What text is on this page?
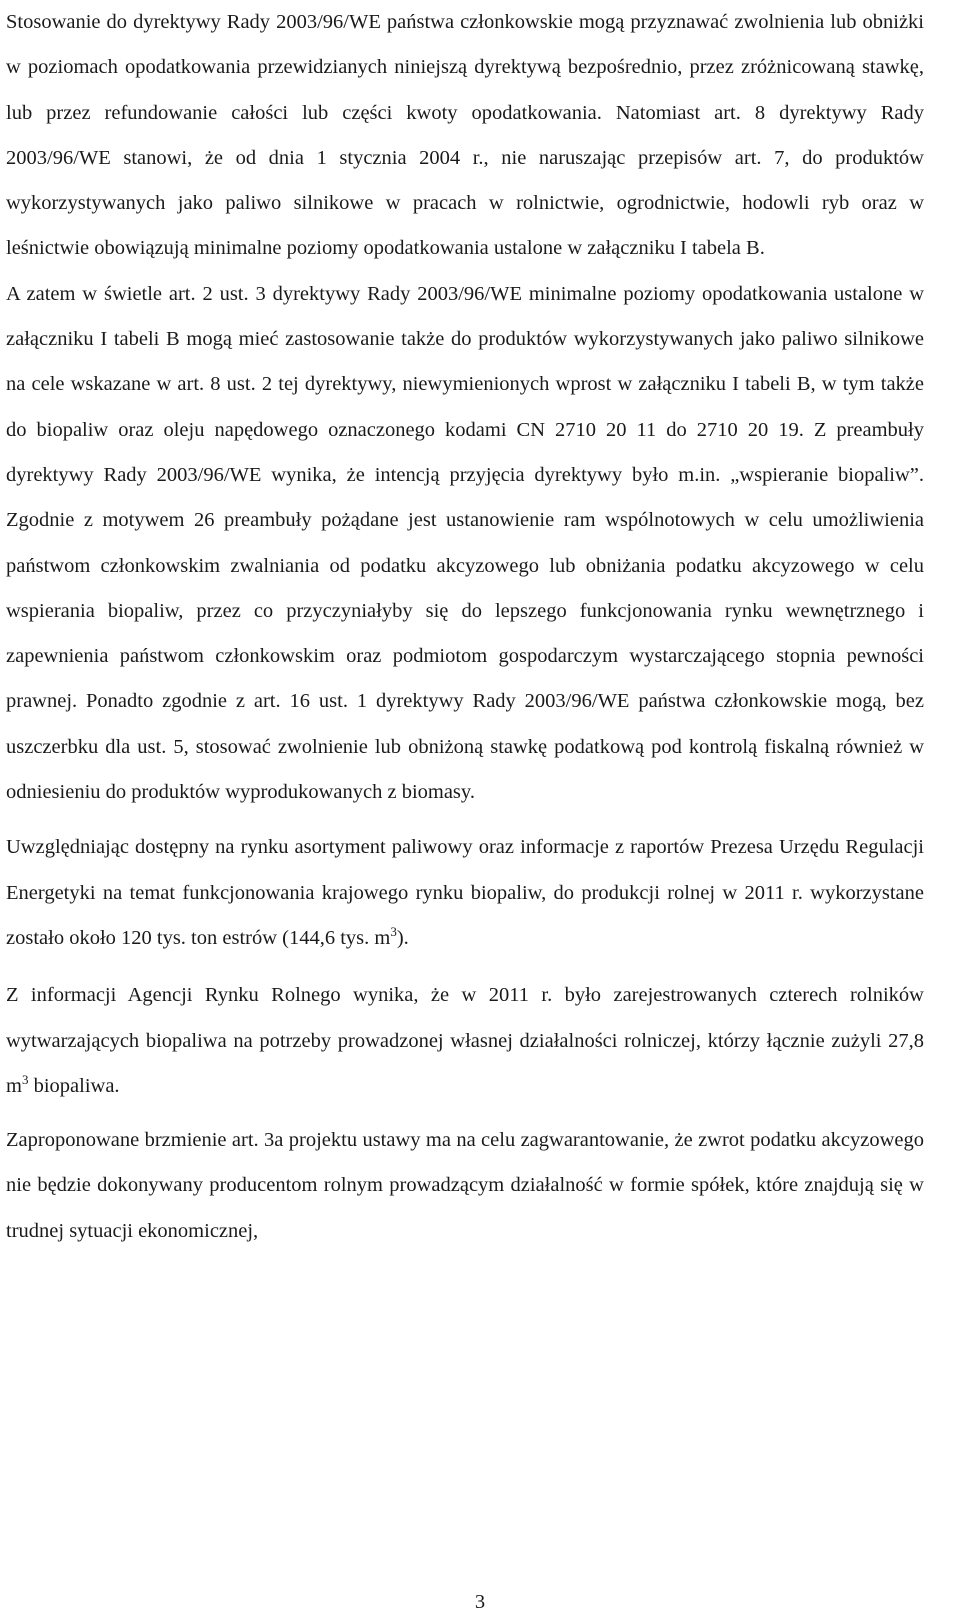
Stosowanie do dyrektywy Rady 2003/96/WE państwa członkowskie mogą przyznawać zwolnienia lub obniżki w poziomach opodatkowania przewidzianych niniejszą dyrektywą bezpośrednio, przez zróżnicowaną stawkę, lub przez refundowanie całości lub części kwoty opodatkowania. Natomiast art. 8 dyrektywy Rady 2003/96/WE stanowi, że od dnia 1 stycznia 2004 r., nie naruszając przepisów art. 7, do produktów wykorzystywanych jako paliwo silnikowe w pracach w rolnictwie, ogrodnictwie, hodowli ryb oraz w leśnictwie obowiązują minimalne poziomy opodatkowania ustalone w załączniku I tabela B.

A zatem w świetle art. 2 ust. 3 dyrektywy Rady 2003/96/WE minimalne poziomy opodatkowania ustalone w załączniku I tabeli B mogą mieć zastosowanie także do produktów wykorzystywanych jako paliwo silnikowe na cele wskazane w art. 8 ust. 2 tej dyrektywy, niewymienionych wprost w załączniku I tabeli B, w tym także do biopaliw oraz oleju napędowego oznaczonego kodami CN 2710 20 11 do 2710 20 19. Z preambuły dyrektywy Rady 2003/96/WE wynika, że intencją przyjęcia dyrektywy było m.in. „wspieranie biopaliw”. Zgodnie z motywem 26 preambuły pożądane jest ustanowienie ram wspólnotowych w celu umożliwienia państwom członkowskim zwalniania od podatku akcyzowego lub obniżania podatku akcyzowego w celu wspierania biopaliw, przez co przyczyniałyby się do lepszego funkcjonowania rynku wewnętrznego i zapewnienia państwom członkowskim oraz podmiotom gospodarczym wystarczającego stopnia pewności prawnej. Ponadto zgodnie z art. 16 ust. 1 dyrektywy Rady 2003/96/WE państwa członkowskie mogą, bez uszczerbku dla ust. 5, stosować zwolnienie lub obniżoną stawkę podatkową pod kontrolą fiskalną również w odniesieniu do produktów wyprodukowanych z biomasy.

Uwzględniając dostępny na rynku asortyment paliwowy oraz informacje z raportów Prezesa Urzędu Regulacji Energetyki na temat funkcjonowania krajowego rynku biopaliw, do produkcji rolnej w 2011 r. wykorzystane zostało około 120 tys. ton estrów (144,6 tys. $m^3$).

Z informacji Agencji Rynku Rolnego wynika, że w 2011 r. było zarejestrowanych czterech rolników wytwarzających biopaliwa na potrzeby prowadzonej własnej działalności rolniczej, którzy łącznie zużyli 27,8 $m^3$ biopaliwa.

Zaproponowane brzmienie art. 3a projektu ustawy ma na celu zagwarantowanie, że zwrot podatku akcyzowego nie będzie dokonywany producentom rolnym prowadzącym działalność w formie spółek, które znajdują się w trudnej sytuacji ekonomicznej,

3
